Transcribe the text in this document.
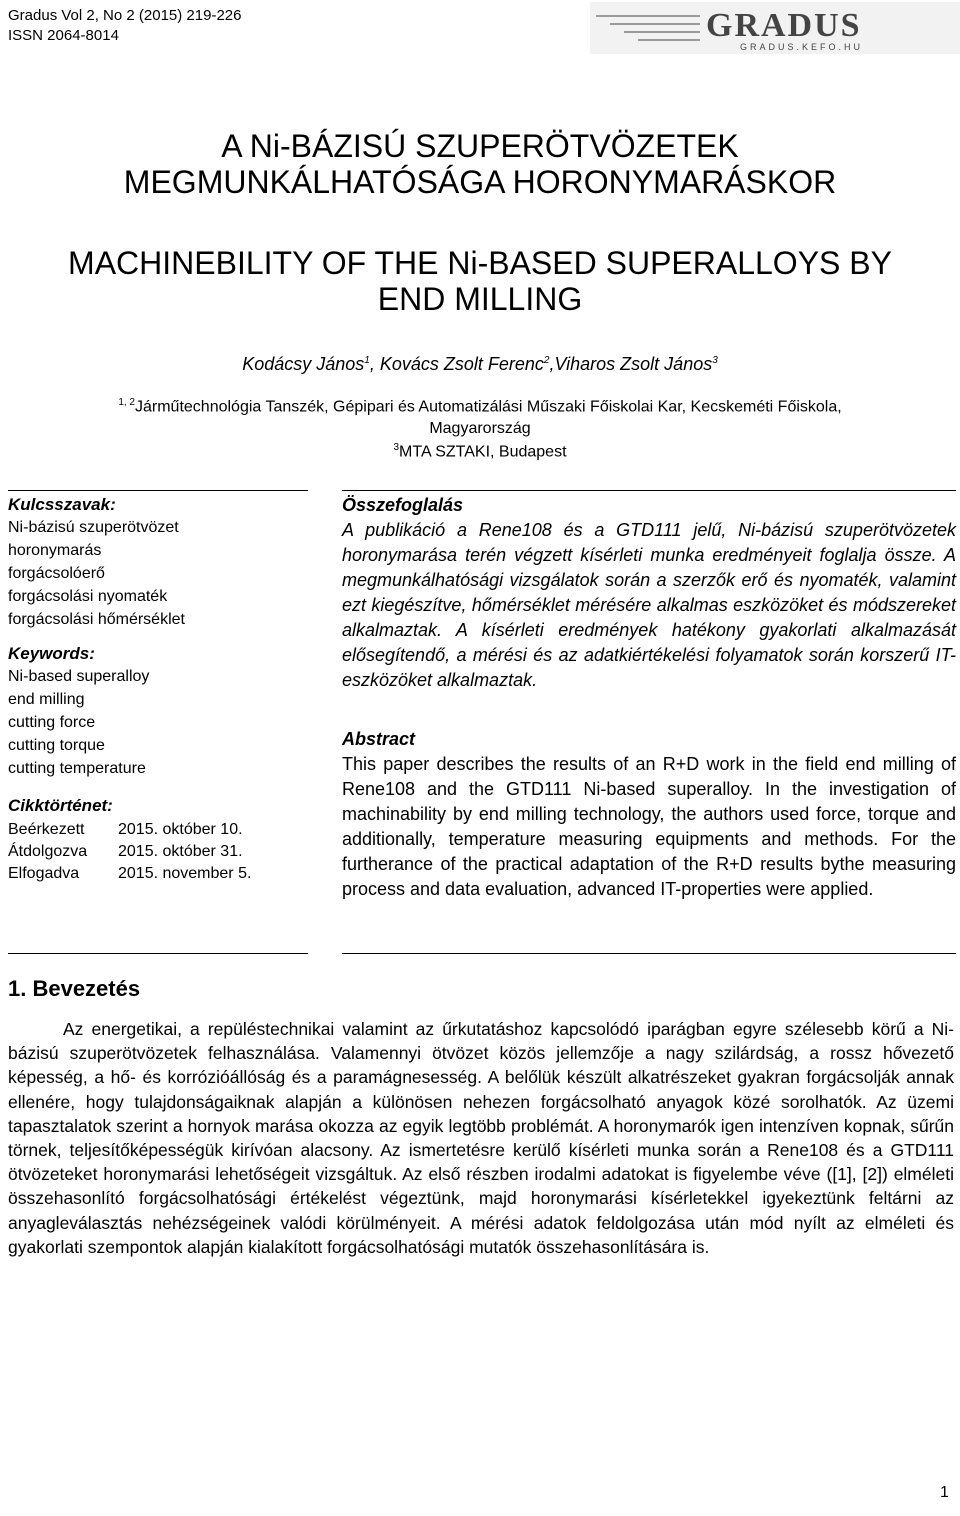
Gradus Vol 2, No 2 (2015) 219-226
ISSN 2064-8014	GRADUS
GRADUS.KEFO.HU
A Ni-BÁZISÚ SZUPERÖTVÖZETEK
MEGMUNKÁLHATÓSÁGA HORONYMARÁSKOR
MACHINEBILITY OF THE Ni-BASED SUPERALLOYS BY
END MILLING
Kodácsy János$^1$, Kovács Zsolt Ferenc$^2$,Viharos Zsolt János$^3$
$^{1, 2}$Járműtechnológia Tanszék, Gépipari és Automatizálási Műszaki Főiskolai Kar, Kecskeméti Főiskola,
Magyarország
$^3$MTA SZTAKI, Budapest
Kulcsszavak:
Ni-bázisú szuperötvözet
horonymarás
forgácsolóerő
forgácsolási nyomaték
forgácsolási hőmérséklet
Keywords:
Ni-based superalloy
end milling
cutting force
cutting torque
cutting temperature
Cikktörténet:
Beérkezett	2015. október 10.
Átdolgozva	2015. október 31.
Elfogadva	2015. november 5.
Összefoglalás
A publikáció a Rene108 és a GTD111 jelű, Ni-bázisú szuperötvözetek horonymarása terén végzett kísérleti munka eredményeit foglalja össze. A megmunkálhatósági vizsgálatok során a szerzők erő és nyomaték, valamint ezt kiegészítve, hőmérséklet mérésére alkalmas eszközöket és módszereket alkalmaztak. A kísérleti eredmények hatékony gyakorlati alkalmazását elősegítendő, a mérési és az adatkiértékelési folyamatok során korszerű IT-eszközöket alkalmaztak.
Abstract
This paper describes the results of an R+D work in the field end milling of Rene108 and the GTD111 Ni-based superalloy. In the investigation of machinability by end milling technology, the authors used force, torque and additionally, temperature measuring equipments and methods. For the furtherance of the practical adaptation of the R+D results bythe measuring process and data evaluation, advanced IT-properties were applied.
1. Bevezetés
Az energetikai, a repüléstechnikai valamint az űrkutatáshoz kapcsolódó iparágban egyre szélesebb körű a Ni-bázisú szuperötvözetek felhasználása. Valamennyi ötvözet közös jellemzője a nagy szilárdság, a rossz hővezető képesség, a hő- és korrózióállóság és a paramágnesesség. A belőlük készült alkatrészeket gyakran forgácsolják annak ellenére, hogy tulajdonságaiknak alapján a különösen nehezen forgácsolható anyagok közé sorolhatók. Az üzemi tapasztalatok szerint a hornyok marása okozza az egyik legtöbb problémát. A horonymarók igen intenzíven kopnak, sűrűn törnek, teljesítőképességük kirívóan alacsony. Az ismertetésre kerülő kísérleti munka során a Rene108 és a GTD111 ötvözeteket horonymarási lehetőségeit vizsgáltuk. Az első részben irodalmi adatokat is figyelembe véve ([1], [2]) elméleti összehasonlító forgácsolhatósági értékelést végeztünk, majd horonymarási kísérletekkel igyekeztünk feltárni az anyagleválasztás nehézségeinek valódi körülményeit. A mérési adatok feldolgozása után mód nyílt az elméleti és gyakorlati szempontok alapján kialakított forgácsolhatósági mutatók összehasonlítására is.
1
